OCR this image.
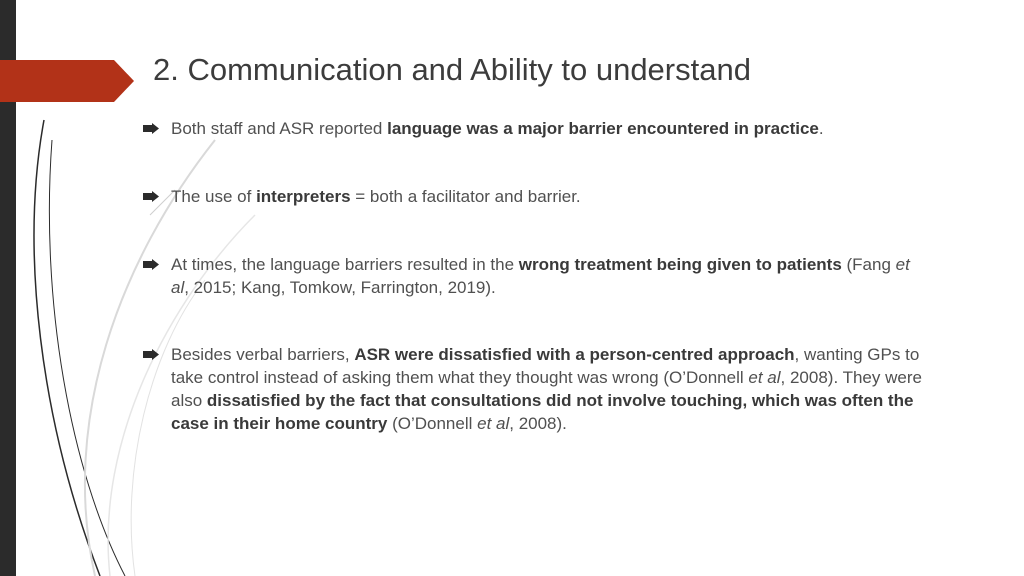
2. Communication and Ability to understand
Both staff and ASR reported language was a major barrier encountered in practice.
The use of interpreters = both a facilitator and barrier.
At times, the language barriers resulted in the wrong treatment being given to patients (Fang et al, 2015; Kang, Tomkow, Farrington, 2019).
Besides verbal barriers, ASR were dissatisfied with a person-centred approach, wanting GPs to take control instead of asking them what they thought was wrong (O’Donnell et al, 2008). They were also dissatisfied by the fact that consultations did not involve touching, which was often the case in their home country (O’Donnell et al, 2008).
